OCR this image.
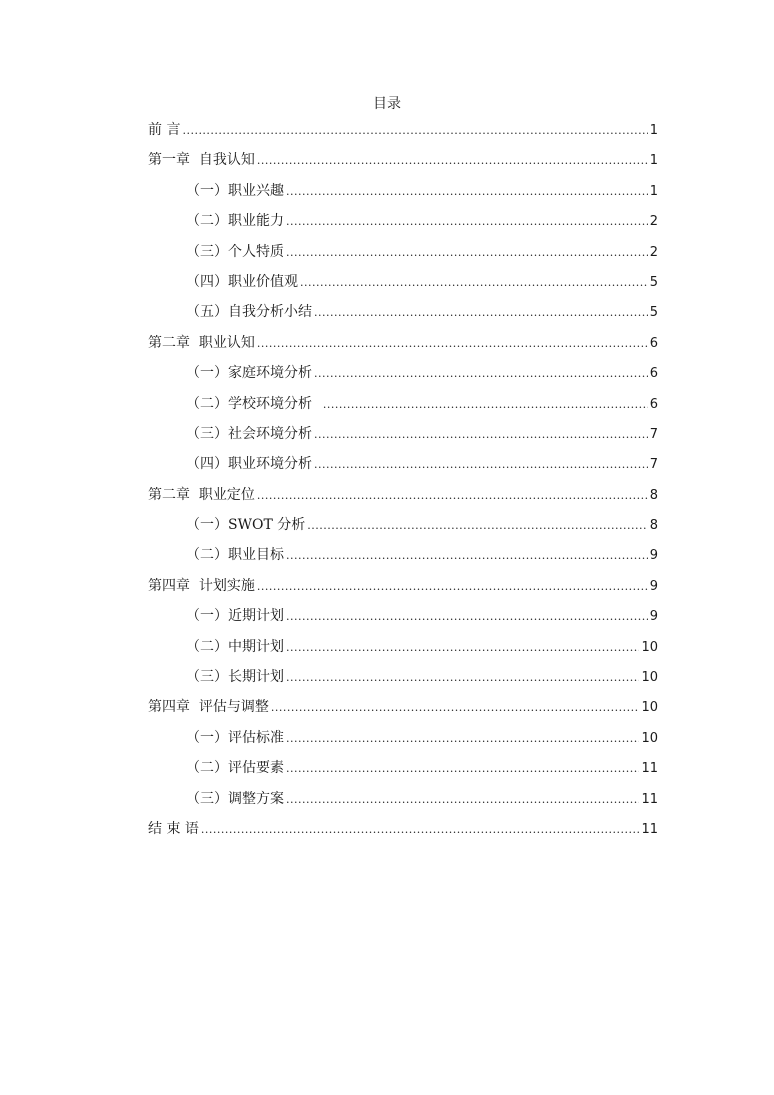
目录
前 言 .....	1
第一章  自我认知 .....	1
（一）职业兴趣 .....	1
（二）职业能力 .....	2
（三）个人特质 .....	2
（四）职业价值观 .....	5
（五）自我分析小结 .....	5
第二章  职业认知 .....	6
（一）家庭环境分析 .....	6
（二）学校环境分析 .....	6
（三）社会环境分析 .....	7
（四）职业环境分析 .....	7
第二章  职业定位 .....	8
（一）SWOT 分析 .....	8
（二）职业目标 .....	9
第四章  计划实施 .....	9
（一）近期计划 .....	9
（二）中期计划 .....	10
（三）长期计划 .....	10
第四章  评估与调整 .....	10
（一）评估标准 .....	10
（二）评估要素 .....	11
（三）调整方案 .....	11
结 束 语 .....	11
